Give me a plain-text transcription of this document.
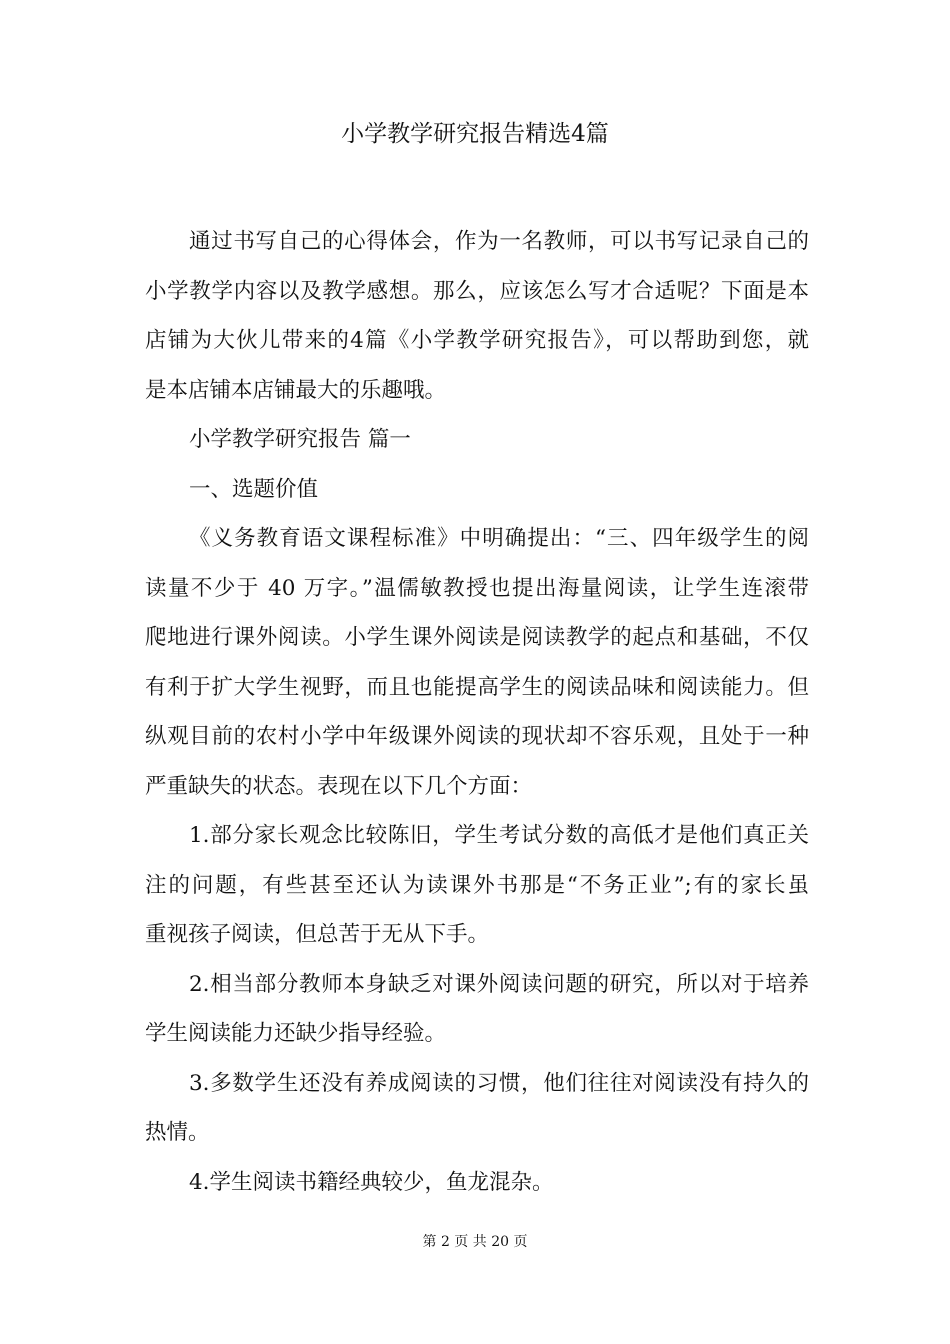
小学教学研究报告精选4篇
通过书写自己的心得体会，作为一名教师，可以书写记录自己的
小学教学内容以及教学感想。那么，应该怎么写才合适呢？下面是本
店铺为大伙儿带来的4篇《小学教学研究报告》，可以帮助到您，就
是本店铺本店铺最大的乐趣哦。
小学教学研究报告 篇一
一、选题价值
《义务教育语文课程标准》中明确提出：“三、四年级学生的阅
读量不少于 40 万字。”温儒敏教授也提出海量阅读，让学生连滚带
爬地进行课外阅读。小学生课外阅读是阅读教学的起点和基础，不仅
有利于扩大学生视野，而且也能提高学生的阅读品味和阅读能力。但
纵观目前的农村小学中年级课外阅读的现状却不容乐观，且处于一种
严重缺失的状态。表现在以下几个方面：
1.部分家长观念比较陈旧，学生考试分数的高低才是他们真正关
注的问题，有些甚至还认为读课外书那是“不务正业”;有的家长虽
重视孩子阅读，但总苦于无从下手。
2.相当部分教师本身缺乏对课外阅读问题的研究，所以对于培养
学生阅读能力还缺少指导经验。
3.多数学生还没有养成阅读的习惯，他们往往对阅读没有持久的
热情。
4.学生阅读书籍经典较少，鱼龙混杂。
第 2 页 共 20 页
